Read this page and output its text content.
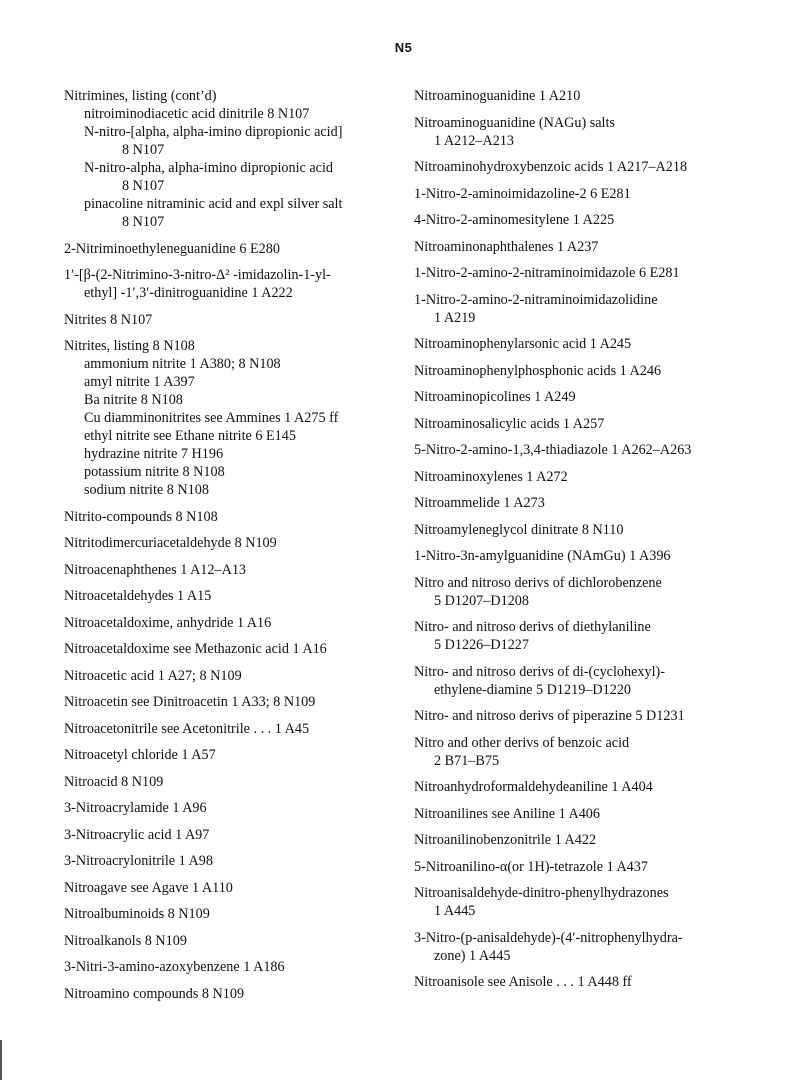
N5
Nitrimines, listing (cont’d)
nitroiminodiacetic acid dinitrile 8 N107
N-nitro-[alpha, alpha-imino dipropionic acid]
8 N107
N-nitro-alpha, alpha-imino dipropionic acid
8 N107
pinacoline nitraminic acid and expl silver salt
8 N107
2-Nitriminoethyleneguanidine 6 E280
1′-[β-(2-Nitrimino-3-nitro-Δ² -imidazolin-1-yl-
ethyl] -1′,3′-dinitroguanidine 1 A222
Nitrites 8 N107
Nitrites, listing 8 N108
ammonium nitrite 1 A380; 8 N108
amyl nitrite 1 A397
Ba nitrite 8 N108
Cu diamminonitrites see Ammines 1 A275 ff
ethyl nitrite see Ethane nitrite 6 E145
hydrazine nitrite 7 H196
potassium nitrite 8 N108
sodium nitrite 8 N108
Nitrito-compounds 8 N108
Nitritodimercuriacetaldehyde 8 N109
Nitroacenaphthenes 1 A12–A13
Nitroacetaldehydes 1 A15
Nitroacetaldoxime, anhydride 1 A16
Nitroacetaldoxime see Methazonic acid 1 A16
Nitroacetic acid 1 A27; 8 N109
Nitroacetin see Dinitroacetin 1 A33; 8 N109
Nitroacetonitrile see Acetonitrile . . . 1 A45
Nitroacetyl chloride 1 A57
Nitroacid 8 N109
3-Nitroacrylamide 1 A96
3-Nitroacrylic acid 1 A97
3-Nitroacrylonitrile 1 A98
Nitroagave see Agave 1 A110
Nitroalbuminoids 8 N109
Nitroalkanols 8 N109
3-Nitri-3-amino-azoxybenzene 1 A186
Nitroamino compounds 8 N109
Nitroaminoguanidine 1 A210
Nitroaminoguanidine (NAGu) salts
1 A212–A213
Nitroaminohydroxybenzoic acids 1 A217–A218
1-Nitro-2-aminoimidazoline-2 6 E281
4-Nitro-2-aminomesitylene 1 A225
Nitroaminonaphthalenes 1 A237
1-Nitro-2-amino-2-nitraminoimidazole 6 E281
1-Nitro-2-amino-2-nitraminoimidazolidine
1 A219
Nitroaminophenylarsonic acid 1 A245
Nitroaminophenylphosphonic acids 1 A246
Nitroaminopicolines 1 A249
Nitroaminosalicylic acids 1 A257
5-Nitro-2-amino-1,3,4-thiadiazole 1 A262–A263
Nitroaminoxylenes 1 A272
Nitroammelide 1 A273
Nitroamyleneglycol dinitrate 8 N110
1-Nitro-3n-amylguanidine (NAmGu) 1 A396
Nitro and nitroso derivs of dichlorobenzene
5 D1207–D1208
Nitro- and nitroso derivs of diethylaniline
5 D1226–D1227
Nitro- and nitroso derivs of di-(cyclohexyl)-
ethylene-diamine 5 D1219–D1220
Nitro- and nitroso derivs of piperazine 5 D1231
Nitro and other derivs of benzoic acid
2 B71–B75
Nitroanhydroformaldehydeaniline 1 A404
Nitroanilines see Aniline 1 A406
Nitroanilinobenzonitrile 1 A422
5-Nitroanilino-α(or 1H)-tetrazole 1 A437
Nitroanisaldehyde-dinitro-phenylhydrazones
1 A445
3-Nitro-(p-anisaldehyde)-(4′-nitrophenylhydra-
zone) 1 A445
Nitroanisole see Anisole . . . 1 A448 ff
